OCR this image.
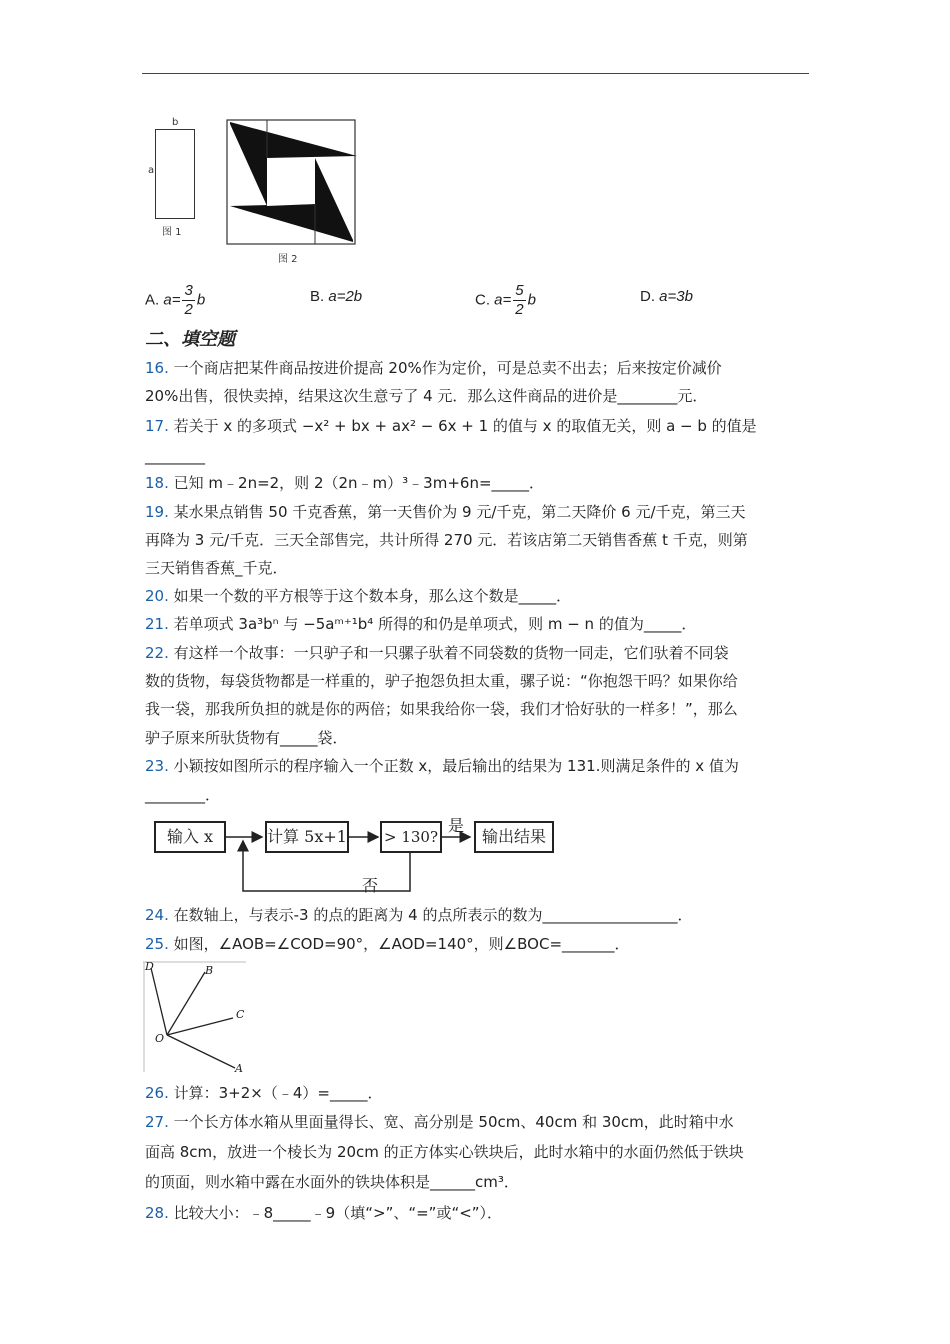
b
a
图 1
图 2
A. $a= \frac{3}{2}$ b	B. a=2b	C. $a= \frac{5}{2}$ b	D. a=3b
二、填空题
16. 一个商店把某件商品按进价提高 20%作为定价，可是总卖不出去；后来按定价减价
20%出售，很快卖掉，结果这次生意亏了 4 元．那么这件商品的进价是________元．
17. 若关于 x 的多项式 −x² + bx + ax² − 6x + 1 的值与 x 的取值无关，则 a − b 的值是
________
18. 已知 m﹣2n=2，则 2（2n﹣m）³﹣3m+6n=_____．
19. 某水果点销售 50 千克香蕉，第一天售价为 9 元/千克，第二天降价 6 元/千克，第三天
再降为 3 元/千克．三天全部售完，共计所得 270 元．若该店第二天销售香蕉 t 千克，则第
三天销售香蕉_千克．
20. 如果一个数的平方根等于这个数本身，那么这个数是_____．
21. 若单项式 3a³bⁿ 与 −5aᵐ⁺¹b⁴ 所得的和仍是单项式，则 m − n 的值为_____．
22. 有这样一个故事：一只驴子和一只骡子驮着不同袋数的货物一同走，它们驮着不同袋
数的货物，每袋货物都是一样重的，驴子抱怨负担太重，骡子说：“你抱怨干吗？如果你给
我一袋，那我所负担的就是你的两倍；如果我给你一袋，我们才恰好驮的一样多！”，那么
驴子原来所驮货物有_____袋．
23. 小颖按如图所示的程序输入一个正数 x，最后输出的结果为 131.则满足条件的 x 值为
________．
输入 x	计算 5x+1 > 130?	输出结果
是
否
24. 在数轴上，与表示-3 的点的距离为 4 的点所表示的数为__________________．
25. 如图，∠AOB=∠COD=90°，∠AOD=140°，则∠BOC=_______．
D	B
C
O
A
26. 计算：3+2×（﹣4）=_____．
27. 一个长方体水箱从里面量得长、宽、高分别是 50cm、40cm 和 30cm，此时箱中水
面高 8cm，放进一个棱长为 20cm 的正方体实心铁块后，此时水箱中的水面仍然低于铁块
的顶面，则水箱中露在水面外的铁块体积是______cm³．
28. 比较大小：﹣8_____﹣9（填“>”、“=”或“<”）．
